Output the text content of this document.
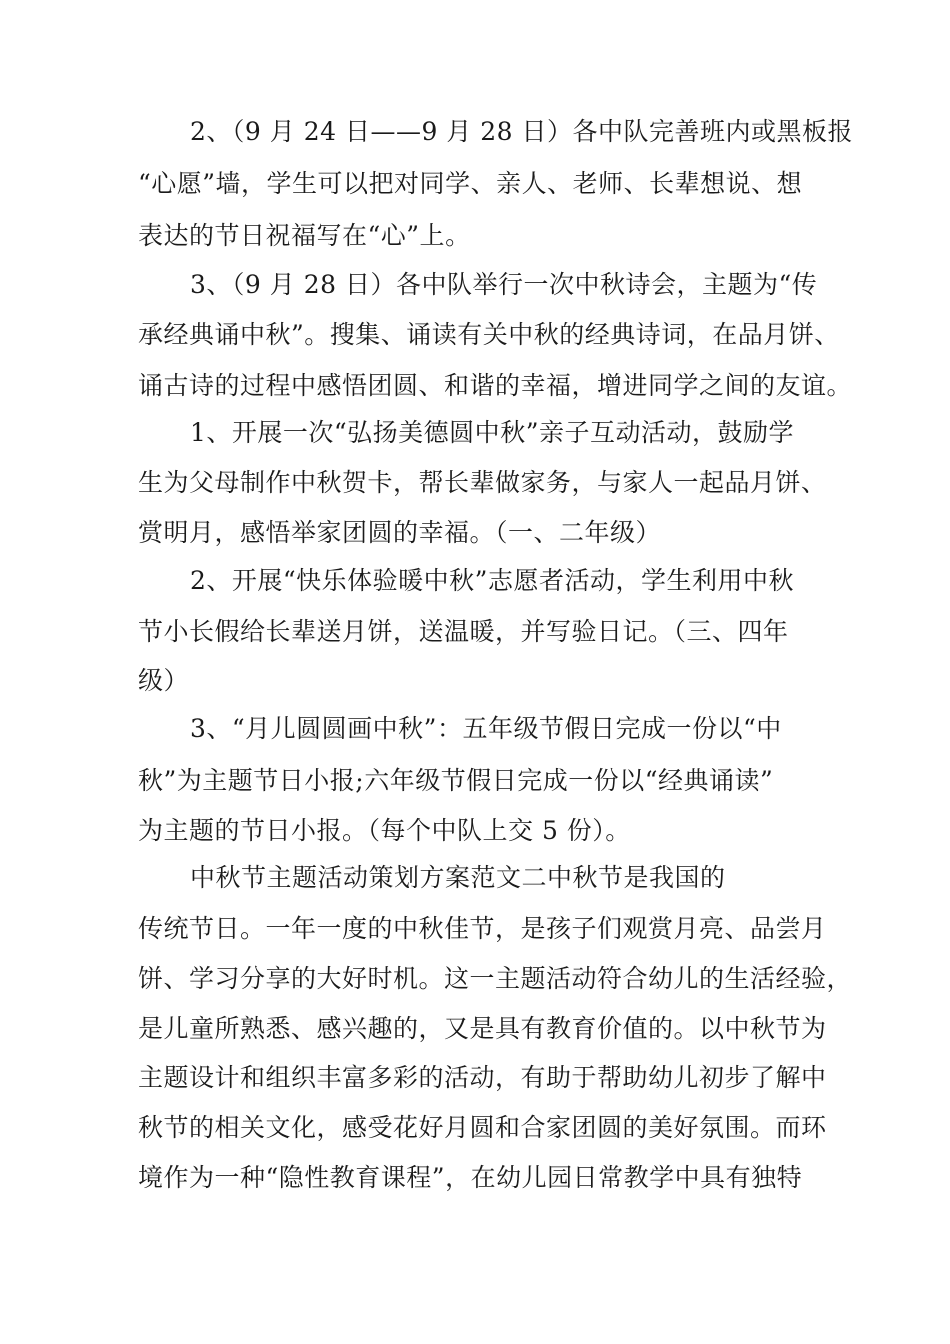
2、（9 月 24 日——9 月 28 日）各中队完善班内或黑板报
“心愿”墙，学生可以把对同学、亲人、老师、长辈想说、想
表达的节日祝福写在“心”上。
3、（9 月 28 日）各中队举行一次中秋诗会，主题为“传
承经典诵中秋”。搜集、诵读有关中秋的经典诗词，在品月饼、
诵古诗的过程中感悟团圆、和谐的幸福，增进同学之间的友谊。
1、开展一次“弘扬美德圆中秋”亲子互动活动，鼓励学
生为父母制作中秋贺卡，帮长辈做家务，与家人一起品月饼、
赏明月，感悟举家团圆的幸福。（一、二年级）
2、开展“快乐体验暖中秋”志愿者活动，学生利用中秋
节小长假给长辈送月饼，送温暖，并写验日记。（三、四年
级）
3、“月儿圆圆画中秋”：五年级节假日完成一份以“中
秋”为主题节日小报;六年级节假日完成一份以“经典诵读”
为主题的节日小报。（每个中队上交 5 份）。
中秋节主题活动策划方案范文二中秋节是我国的
传统节日。一年一度的中秋佳节，是孩子们观赏月亮、品尝月
饼、学习分享的大好时机。这一主题活动符合幼儿的生活经验，
是儿童所熟悉、感兴趣的，又是具有教育价值的。以中秋节为
主题设计和组织丰富多彩的活动，有助于帮助幼儿初步了解中
秋节的相关文化，感受花好月圆和合家团圆的美好氛围。而环
境作为一种“隐性教育课程”，在幼儿园日常教学中具有独特
